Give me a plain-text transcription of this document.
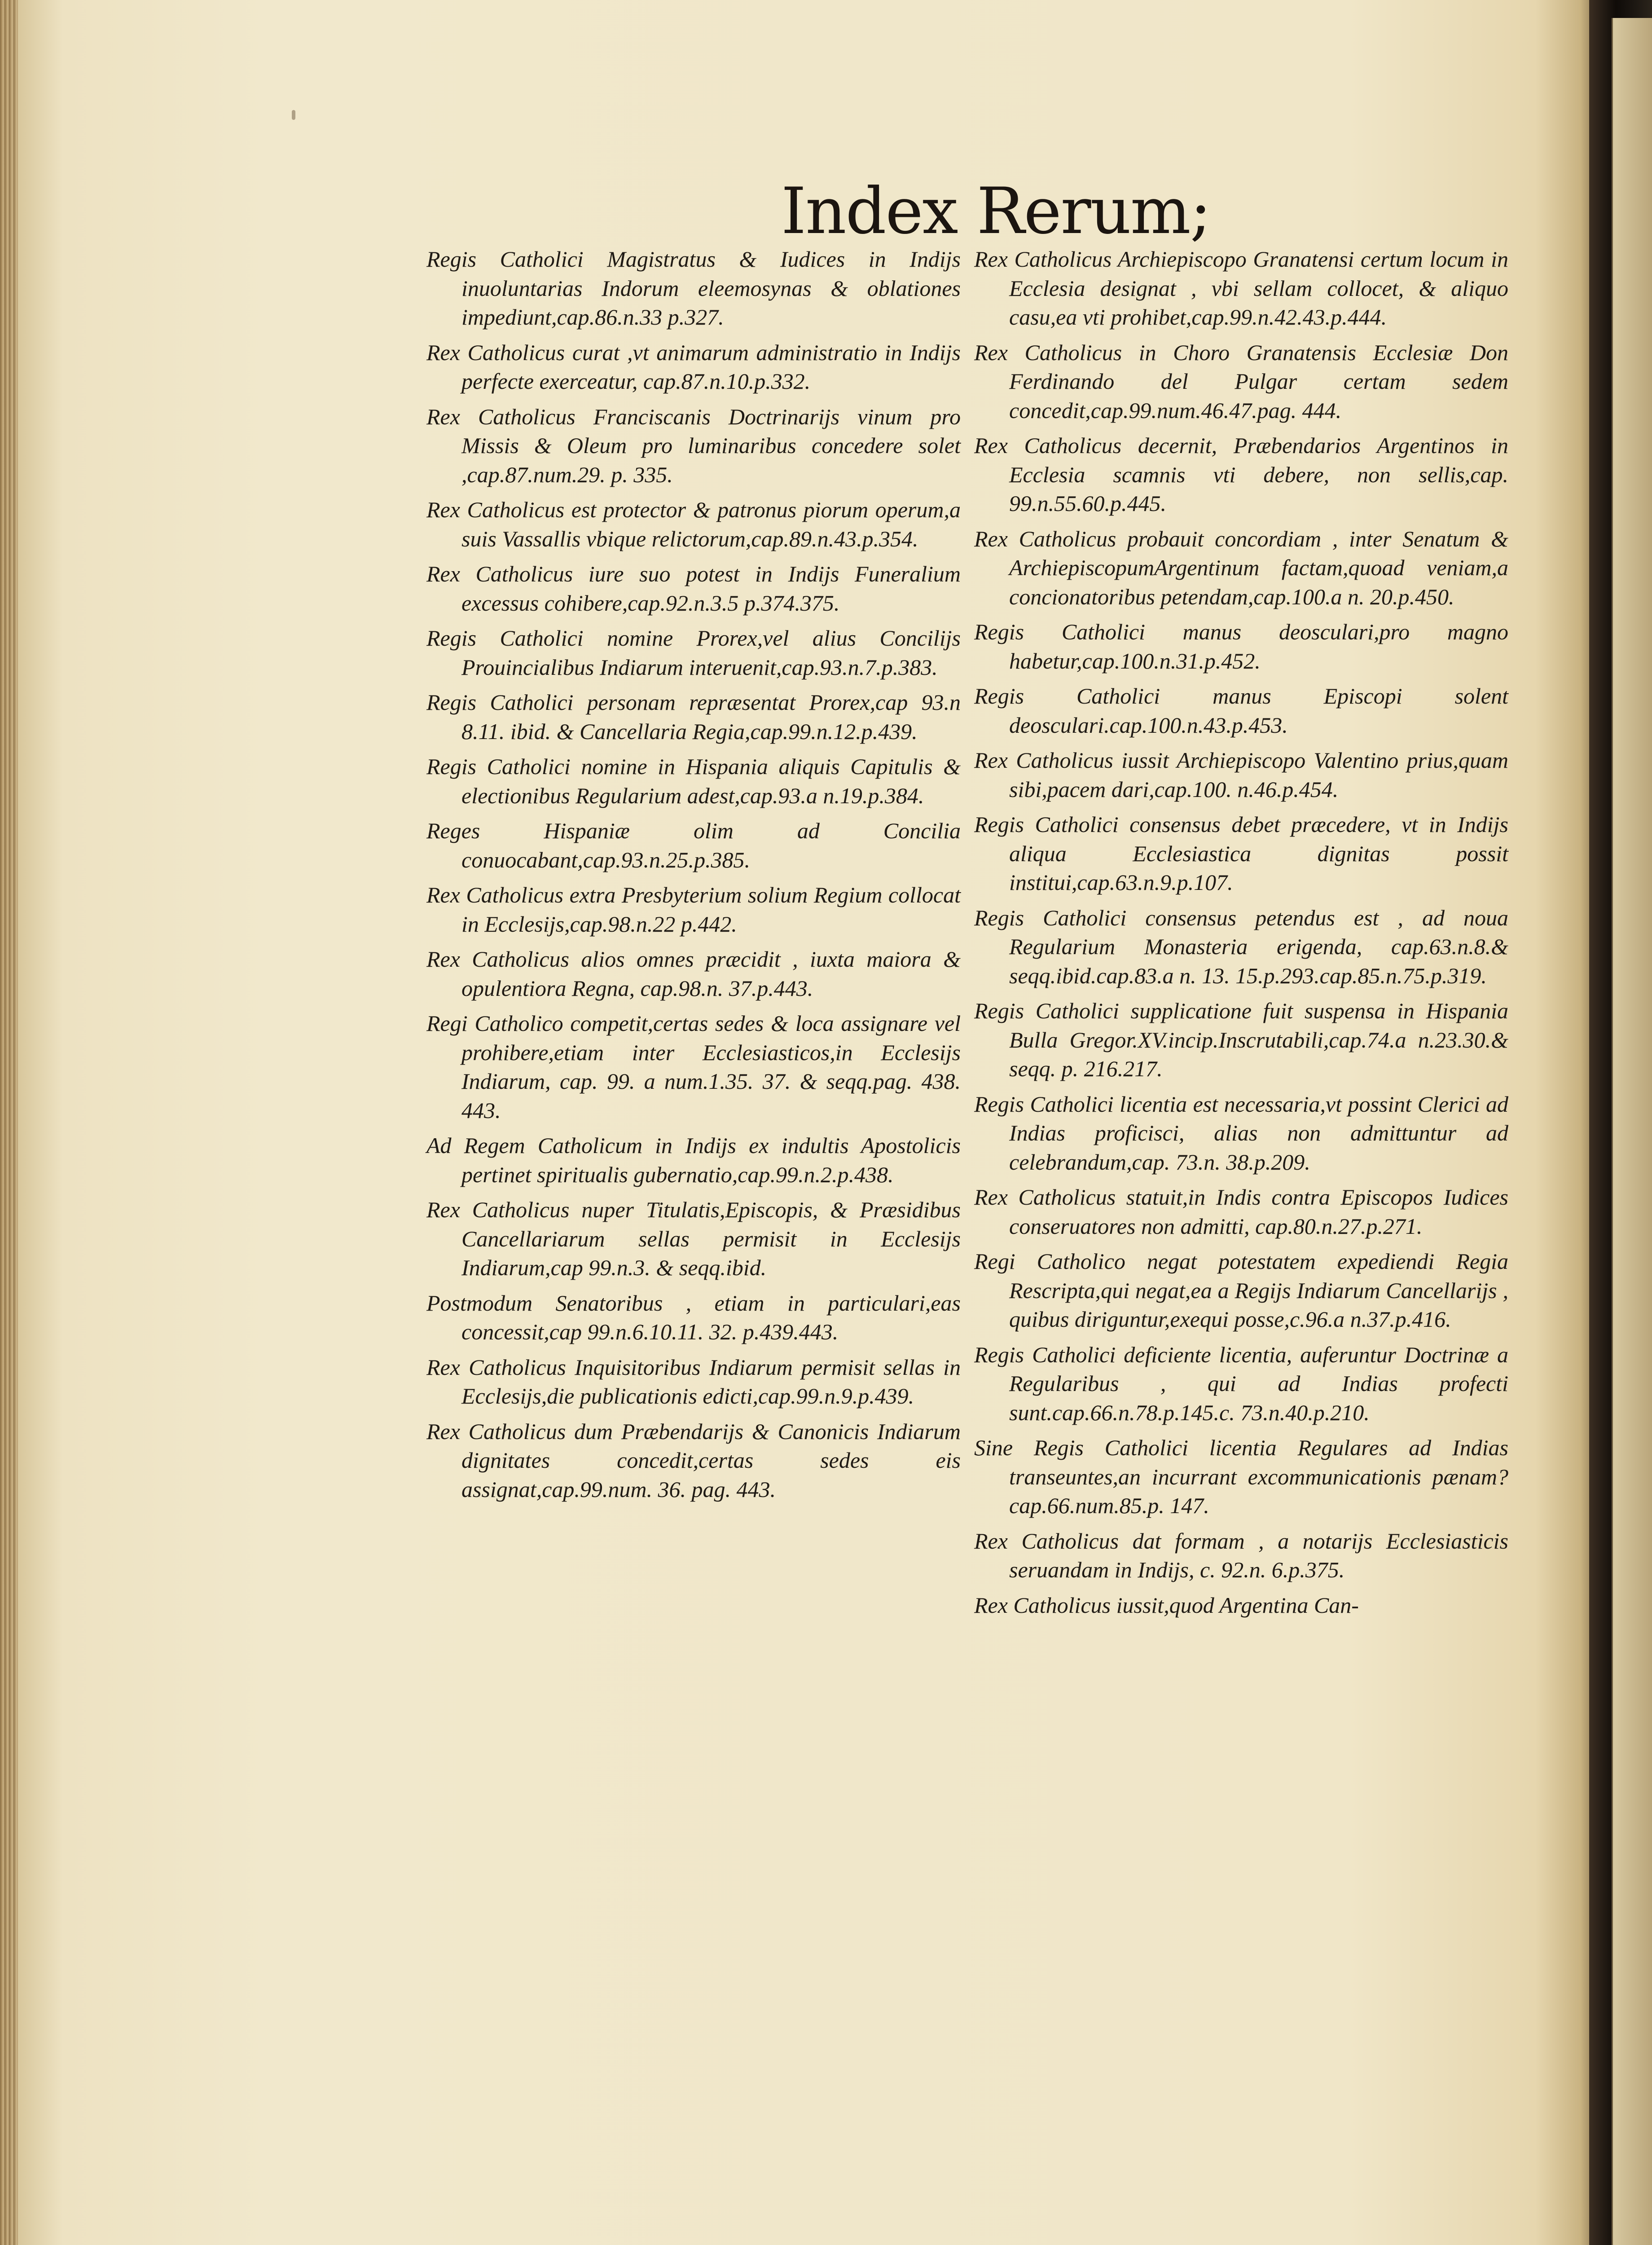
Index Rerum;
Regis Catholici Magistratus & Iudices in Indijs inuoluntarias Indorum eleemosynas & oblationes impediunt,cap.86.n.33 p.327.
Rex Catholicus curat ,vt animarum administratio in Indijs perfecte exerceatur, cap.87.n.10.p.332.
Rex Catholicus Franciscanis Doctrinarijs vinum pro Missis & Oleum pro luminaribus concedere solet ,cap.87.num.29. p. 335.
Rex Catholicus est protector & patronus piorum operum,a suis Vassallis vbique relictorum,cap.89.n.43.p.354.
Rex Catholicus iure suo potest in Indijs Funeralium excessus cohibere,cap.92.n.3.5 p.374.375.
Regis Catholici nomine Prorex,vel alius Concilijs Prouincialibus Indiarum interuenit,cap.93.n.7.p.383.
Regis Catholici personam repræsentat Prorex,cap 93.n 8.11. ibid. & Cancellaria Regia,cap.99.n.12.p.439.
Regis Catholici nomine in Hispania aliquis Capitulis & electionibus Regularium adest,cap.93.a n.19.p.384.
Reges Hispaniæ olim ad Concilia conuocabant,cap.93.n.25.p.385.
Rex Catholicus extra Presbyterium solium Regium collocat in Ecclesijs,cap.98.n.22 p.442.
Rex Catholicus alios omnes præcidit , iuxta maiora & opulentiora Regna, cap.98.n. 37.p.443.
Regi Catholico competit,certas sedes & loca assignare vel prohibere,etiam inter Ecclesiasticos,in Ecclesijs Indiarum, cap. 99. a num.1.35. 37. & seqq.pag. 438. 443.
Ad Regem Catholicum in Indijs ex indultis Apostolicis pertinet spiritualis gubernatio,cap.99.n.2.p.438.
Rex Catholicus nuper Titulatis,Episcopis, & Præsidibus Cancellariarum sellas permisit in Ecclesijs Indiarum,cap 99.n.3. & seqq.ibid.
Postmodum Senatoribus , etiam in particulari,eas concessit,cap 99.n.6.10.11. 32. p.439.443.
Rex Catholicus Inquisitoribus Indiarum permisit sellas in Ecclesijs,die publicationis edicti,cap.99.n.9.p.439.
Rex Catholicus dum Præbendarijs & Canonicis Indiarum dignitates concedit,certas sedes eis assignat,cap.99.num. 36. pag. 443.
Rex Catholicus Archiepiscopo Granatensi certum locum in Ecclesia designat , vbi sellam collocet, & aliquo casu,ea vti prohibet,cap.99.n.42.43.p.444.
Rex Catholicus in Choro Granatensis Ecclesiæ Don Ferdinando del Pulgar certam sedem concedit,cap.99.num.46.47.pag. 444.
Rex Catholicus decernit, Præbendarios Argentinos in Ecclesia scamnis vti debere, non sellis,cap. 99.n.55.60.p.445.
Rex Catholicus probauit concordiam , inter Senatum & ArchiepiscopumArgentinum factam,quoad veniam,a concionatoribus petendam,cap.100.a n. 20.p.450.
Regis Catholici manus deosculari,pro magno habetur,cap.100.n.31.p.452.
Regis Catholici manus Episcopi solent deosculari.cap.100.n.43.p.453.
Rex Catholicus iussit Archiepiscopo Valentino prius,quam sibi,pacem dari,cap.100. n.46.p.454.
Regis Catholici consensus debet præcedere, vt in Indijs aliqua Ecclesiastica dignitas possit institui,cap.63.n.9.p.107.
Regis Catholici consensus petendus est , ad noua Regularium Monasteria erigenda, cap.63.n.8.& seqq.ibid.cap.83.a n. 13. 15.p.293.cap.85.n.75.p.319.
Regis Catholici supplicatione fuit suspensa in Hispania Bulla Gregor.XV.incip.Inscrutabili,cap.74.a n.23.30.& seqq. p. 216.217.
Regis Catholici licentia est necessaria,vt possint Clerici ad Indias proficisci, alias non admittuntur ad celebrandum,cap. 73.n. 38.p.209.
Rex Catholicus statuit,in Indis contra Episcopos Iudices conseruatores non admitti, cap.80.n.27.p.271.
Regi Catholico negat potestatem expediendi Regia Rescripta,qui negat,ea a Regijs Indiarum Cancellarijs , quibus diriguntur,exequi posse,c.96.a n.37.p.416.
Regis Catholici deficiente licentia, auferuntur Doctrinæ a Regularibus , qui ad Indias profecti sunt.cap.66.n.78.p.145.c. 73.n.40.p.210.
Sine Regis Catholici licentia Regulares ad Indias transeuntes,an incurrant excommunicationis pænam?cap.66.num.85.p. 147.
Rex Catholicus dat formam , a notarijs Ecclesiasticis seruandam in Indijs, c. 92.n. 6.p.375.
Rex Catholicus iussit,quod Argentina Can-
